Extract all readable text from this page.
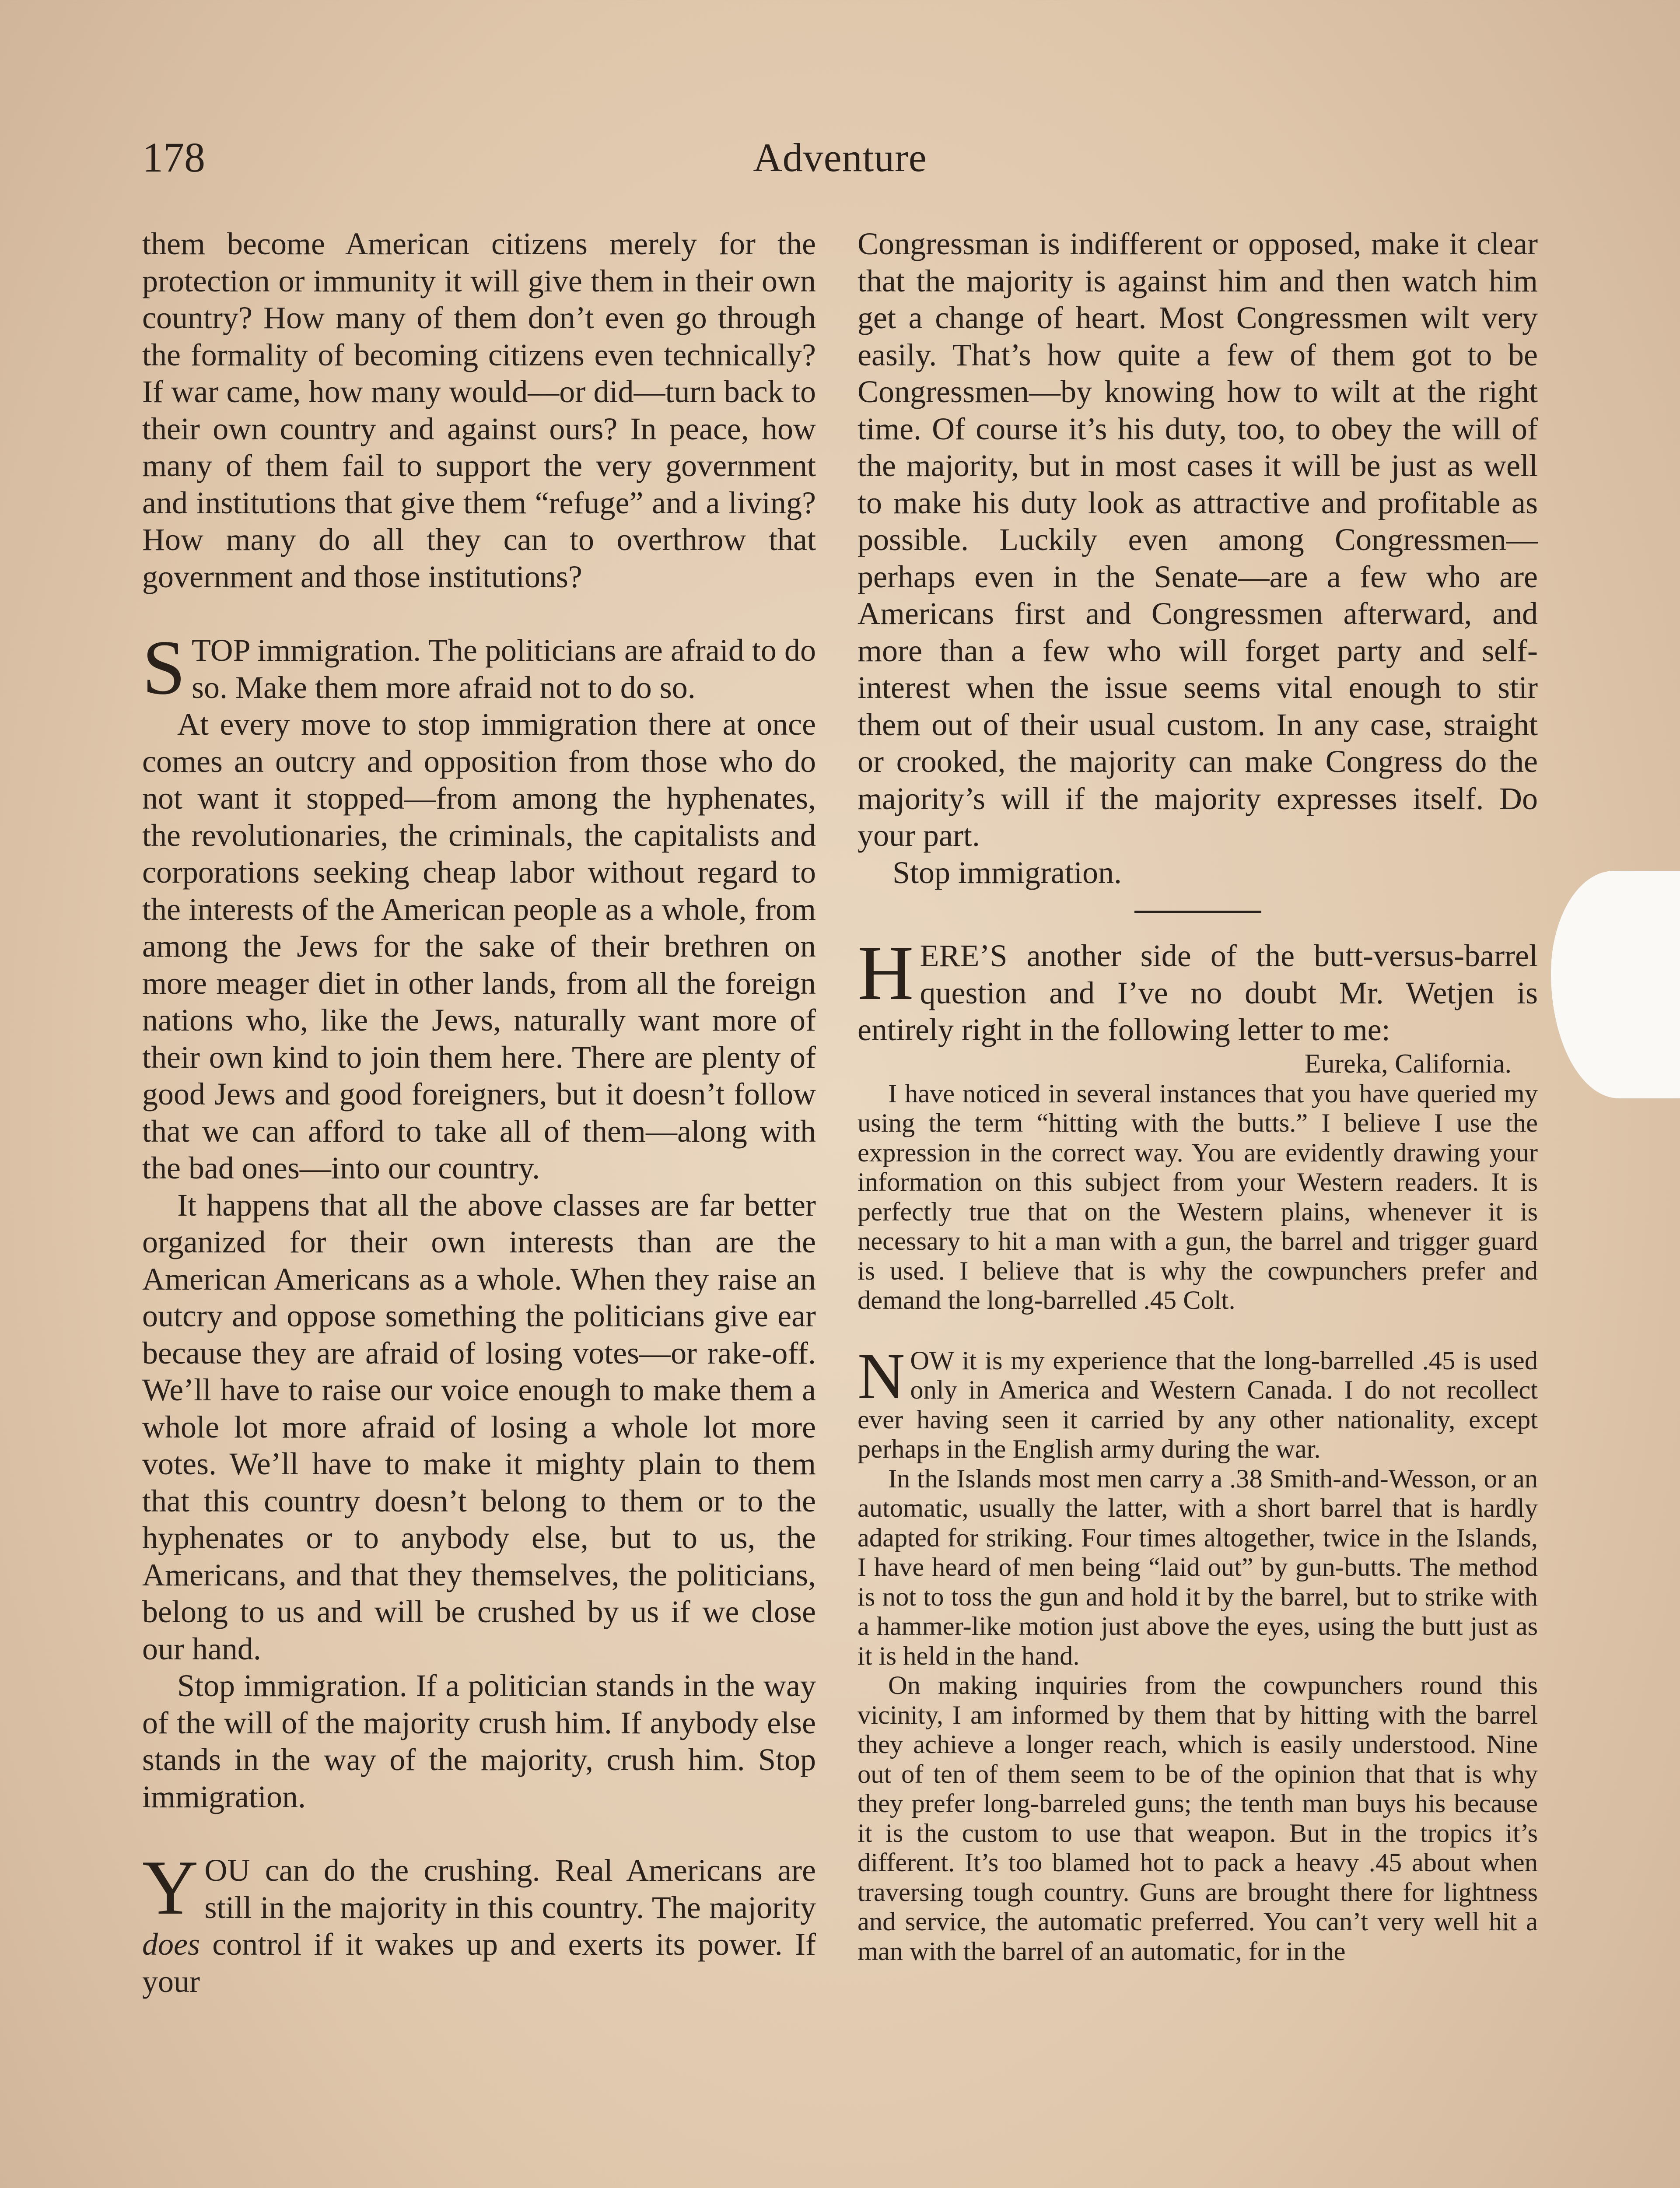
178	Adventure

them become American citizens merely for the protection or immunity it will give them in their own country? How many of them don’t even go through the formality of becoming citizens even technically? If war came, how many would—or did—turn back to their own country and against ours? In peace, how many of them fail to support the very government and institutions that give them “refuge” and a living? How many do all they can to overthrow that government and those institutions?

STOP immigration. The politicians are afraid to do so. Make them more afraid not to do so.

At every move to stop immigration there at once comes an outcry and opposition from those who do not want it stopped—from among the hyphenates, the revolutionaries, the criminals, the capitalists and corporations seeking cheap labor without regard to the interests of the American people as a whole, from among the Jews for the sake of their brethren on more meager diet in other lands, from all the foreign nations who, like the Jews, naturally want more of their own kind to join them here. There are plenty of good Jews and good foreigners, but it doesn’t follow that we can afford to take all of them—along with the bad ones—into our country.

It happens that all the above classes are far better organized for their own interests than are the American Americans as a whole. When they raise an outcry and oppose something the politicians give ear because they are afraid of losing votes—or rake-off. We’ll have to raise our voice enough to make them a whole lot more afraid of losing a whole lot more votes. We’ll have to make it mighty plain to them that this country doesn’t belong to them or to the hyphenates or to anybody else, but to us, the Americans, and that they themselves, the politicians, belong to us and will be crushed by us if we close our hand.

Stop immigration. If a politician stands in the way of the will of the majority crush him. If anybody else stands in the way of the majority, crush him. Stop immigration.

YOU can do the crushing. Real Americans are still in the majority in this country. The majority does control if it wakes up and exerts its power. If your

Congressman is indifferent or opposed, make it clear that the majority is against him and then watch him get a change of heart. Most Congressmen wilt very easily. That’s how quite a few of them got to be Congressmen—by knowing how to wilt at the right time. Of course it’s his duty, too, to obey the will of the majority, but in most cases it will be just as well to make his duty look as attractive and profitable as possible. Luckily even among Congressmen—perhaps even in the Senate—are a few who are Americans first and Congressmen afterward, and more than a few who will forget party and self-interest when the issue seems vital enough to stir them out of their usual custom. In any case, straight or crooked, the majority can make Congress do the majority’s will if the majority expresses itself. Do your part.

Stop immigration.

HERE’S another side of the butt-versus-barrel question and I’ve no doubt Mr. Wetjen is entirely right in the following letter to me:

Eureka, California.

I have noticed in several instances that you have queried my using the term “hitting with the butts.” I believe I use the expression in the correct way. You are evidently drawing your information on this subject from your Western readers. It is perfectly true that on the Western plains, whenever it is necessary to hit a man with a gun, the barrel and trigger guard is used. I believe that is why the cowpunchers prefer and demand the long-barrelled .45 Colt.

NOW it is my experience that the long-barrelled .45 is used only in America and Western Canada. I do not recollect ever having seen it carried by any other nationality, except perhaps in the English army during the war.

In the Islands most men carry a .38 Smith-and-Wesson, or an automatic, usually the latter, with a short barrel that is hardly adapted for striking. Four times altogether, twice in the Islands, I have heard of men being “laid out” by gun-butts. The method is not to toss the gun and hold it by the barrel, but to strike with a hammer-like motion just above the eyes, using the butt just as it is held in the hand.

On making inquiries from the cowpunchers round this vicinity, I am informed by them that by hitting with the barrel they achieve a longer reach, which is easily understood. Nine out of ten of them seem to be of the opinion that that is why they prefer long-barreled guns; the tenth man buys his because it is the custom to use that weapon. But in the tropics it’s different. It’s too blamed hot to pack a heavy .45 about when traversing tough country. Guns are brought there for lightness and service, the automatic preferred. You can’t very well hit a man with the barrel of an automatic, for in the
